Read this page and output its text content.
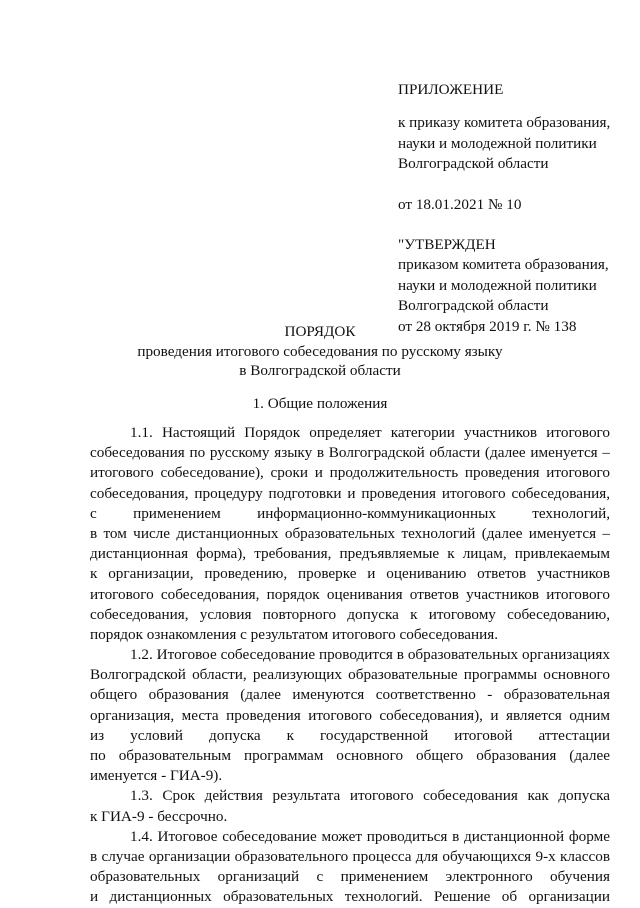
ПРИЛОЖЕНИЕ
к приказу комитета образования,
науки и молодежной политики
Волгоградской области
от 18.01.2021 № 10
"УТВЕРЖДЕН
приказом комитета образования,
науки и молодежной политики
Волгоградской области
от 28 октября 2019 г. № 138
ПОРЯДОК
проведения итогового собеседования по русскому языку
в Волгоградской области
1. Общие положения
1.1. Настоящий Порядок определяет категории участников итогового
собеседования по русскому языку в Волгоградской области (далее именуется –
итогового собеседование), сроки и продолжительность проведения итогового
собеседования, процедуру подготовки и проведения итогового собеседования,
с применением информационно-коммуникационных технологий,
в том числе дистанционных образовательных технологий (далее именуется –
дистанционная форма), требования, предъявляемые к лицам, привлекаемым
к организации, проведению, проверке и оцениванию ответов участников
итогового собеседования, порядок оценивания ответов участников итогового
собеседования, условия повторного допуска к итоговому собеседованию,
порядок ознакомления с результатом итогового собеседования.
1.2. Итоговое собеседование проводится в образовательных организациях
Волгоградской области, реализующих образовательные программы основного
общего образования (далее именуются соответственно - образовательная
организация, места проведения итогового собеседования), и является одним
из условий допуска к государственной итоговой аттестации
по образовательным программам основного общего образования (далее
именуется - ГИА-9).
1.3. Срок действия результата итогового собеседования как допуска
к ГИА-9 - бессрочно.
1.4. Итоговое собеседование может проводиться в дистанционной форме
в случае организации образовательного процесса для обучающихся 9-х классов
образовательных организаций с применением электронного обучения
и дистанционных образовательных технологий. Решение об организации
